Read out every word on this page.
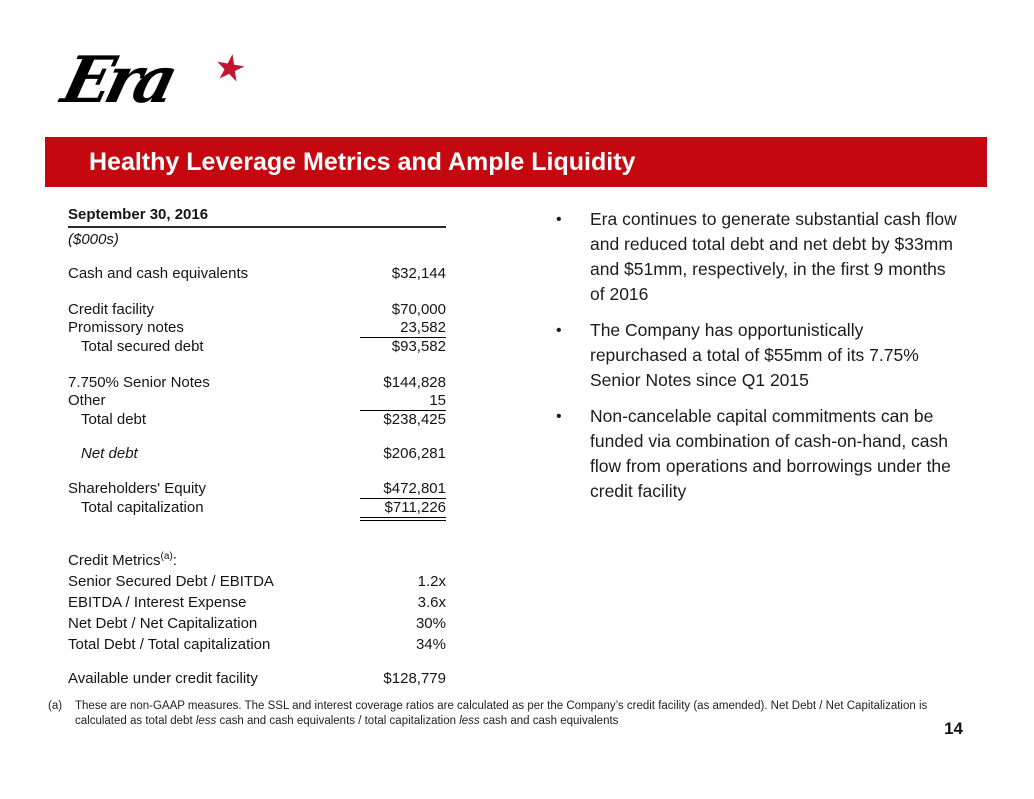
Era ★
Healthy Leverage Metrics and Ample Liquidity
September 30, 2016
($000s)
Cash and cash equivalents	$32,144
Credit facility	$70,000
Promissory notes	23,582
Total secured debt	$93,582
7.750% Senior Notes	$144,828
Other	15
Total debt	$238,425
Net debt	$206,281
Shareholders' Equity	$472,801
Total capitalization	$711,226
Credit Metrics$^{(a)}$:
Senior Secured Debt / EBITDA	1.2x
EBITDA / Interest Expense	3.6x
Net Debt / Net Capitalization	30%
Total Debt / Total capitalization	34%
Available under credit facility	$128,779
•	Era continues to generate substantial cash flow and reduced total debt and net debt by $33mm and $51mm, respectively, in the first 9 months of 2016
•	The Company has opportunistically repurchased a total of $55mm of its 7.75% Senior Notes since Q1 2015
•	Non-cancelable capital commitments can be funded via combination of cash-on-hand, cash flow from operations and borrowings under the credit facility
(a)	These are non-GAAP measures. The SSL and interest coverage ratios are calculated as per the Company’s credit facility (as amended). Net Debt / Net Capitalization is calculated as total debt less cash and cash equivalents / total capitalization less cash and cash equivalents	14
